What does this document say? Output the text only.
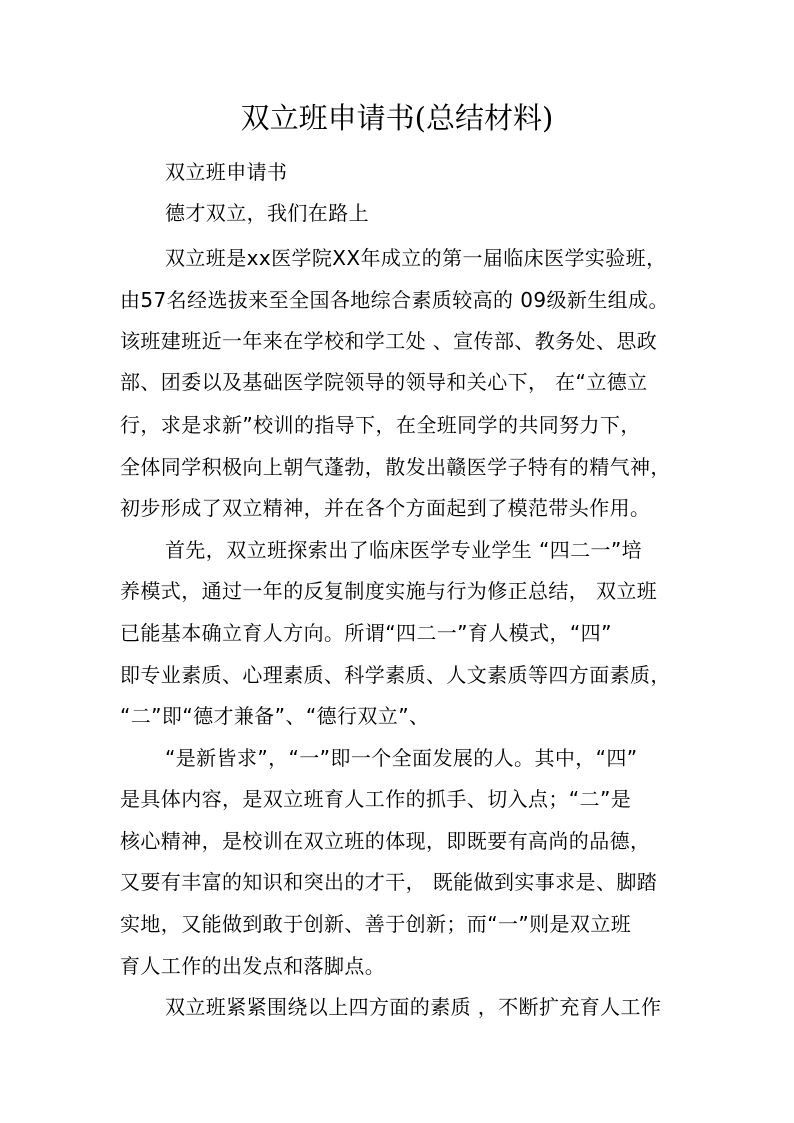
双立班申请书(总结材料)

双立班申请书

德才双立，我们在路上

双立班是xx医学院XX年成立的第一届临床医学实验班，

由57名经选拔来至全国各地综合素质较高的 09级新生组成。

该班建班近一年来在学校和学工处 、宣传部、教务处、思政

部、团委以及基础医学院领导的领导和关心下， 在“立德立

行，求是求新”校训的指导下，在全班同学的共同努力下，

全体同学积极向上朝气蓬勃，散发出赣医学子特有的精气神，

初步形成了双立精神，并在各个方面起到了模范带头作用。

首先，双立班探索出了临床医学专业学生 “四二一”培

养模式，通过一年的反复制度实施与行为修正总结， 双立班

已能基本确立育人方向。所谓“四二一”育人模式，“四”

即专业素质、心理素质、科学素质、人文素质等四方面素质，

“二”即“德才兼备”、“德行双立”、

“是新皆求”，“一”即一个全面发展的人。其中，“四”

是具体内容，是双立班育人工作的抓手、切入点；“二”是

核心精神，是校训在双立班的体现，即既要有高尚的品德，

又要有丰富的知识和突出的才干， 既能做到实事求是、脚踏

实地，又能做到敢于创新、善于创新；而“一”则是双立班

育人工作的出发点和落脚点。

双立班紧紧围绕以上四方面的素质 ，不断扩充育人工作
